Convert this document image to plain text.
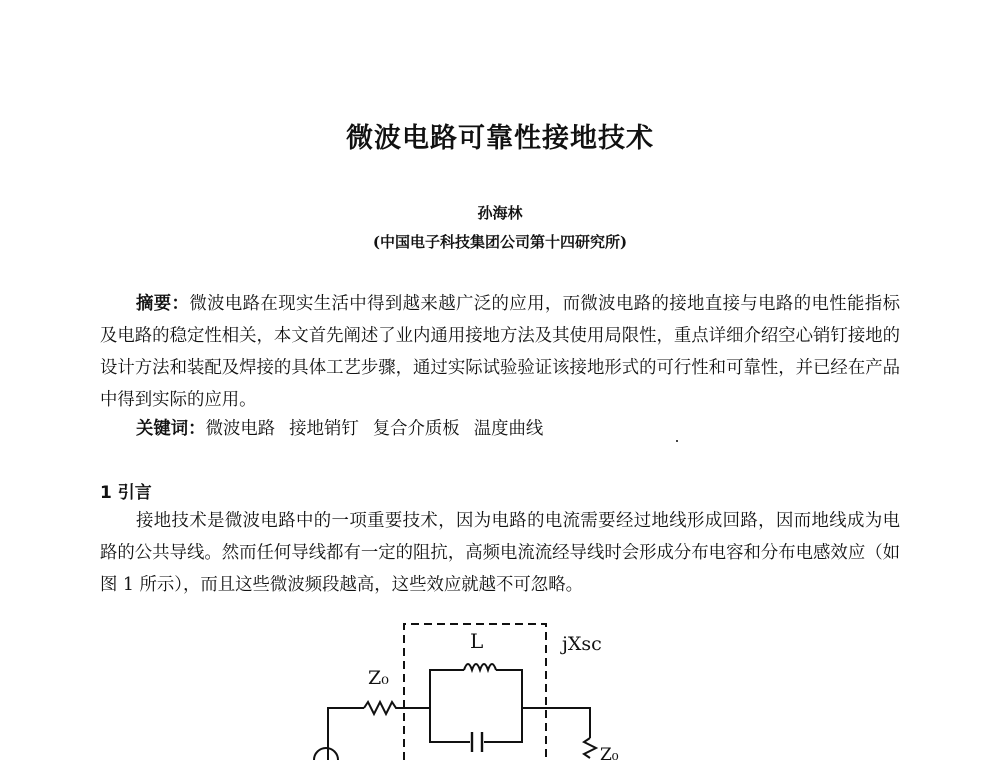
微波电路可靠性接地技术
孙海林
(中国电子科技集团公司第十四研究所)
摘要：微波电路在现实生活中得到越来越广泛的应用，而微波电路的接地直接与电路的电性能指标及电路的稳定性相关，本文首先阐述了业内通用接地方法及其使用局限性，重点详细介绍空心销钉接地的设计方法和装配及焊接的具体工艺步骤，通过实际试验验证该接地形式的可行性和可靠性，并已经在产品中得到实际的应用。
关键词：微波电路 接地销钉 复合介质板 温度曲线
1 引言
接地技术是微波电路中的一项重要技术，因为电路的电流需要经过地线形成回路，因而地线成为电路的公共导线。然而任何导线都有一定的阻抗，高频电流流经导线时会形成分布电容和分布电感效应（如图 1 所示），而且这些微波频段越高，这些效应就越不可忽略。
L	jXsc
Z₀
Z₀
